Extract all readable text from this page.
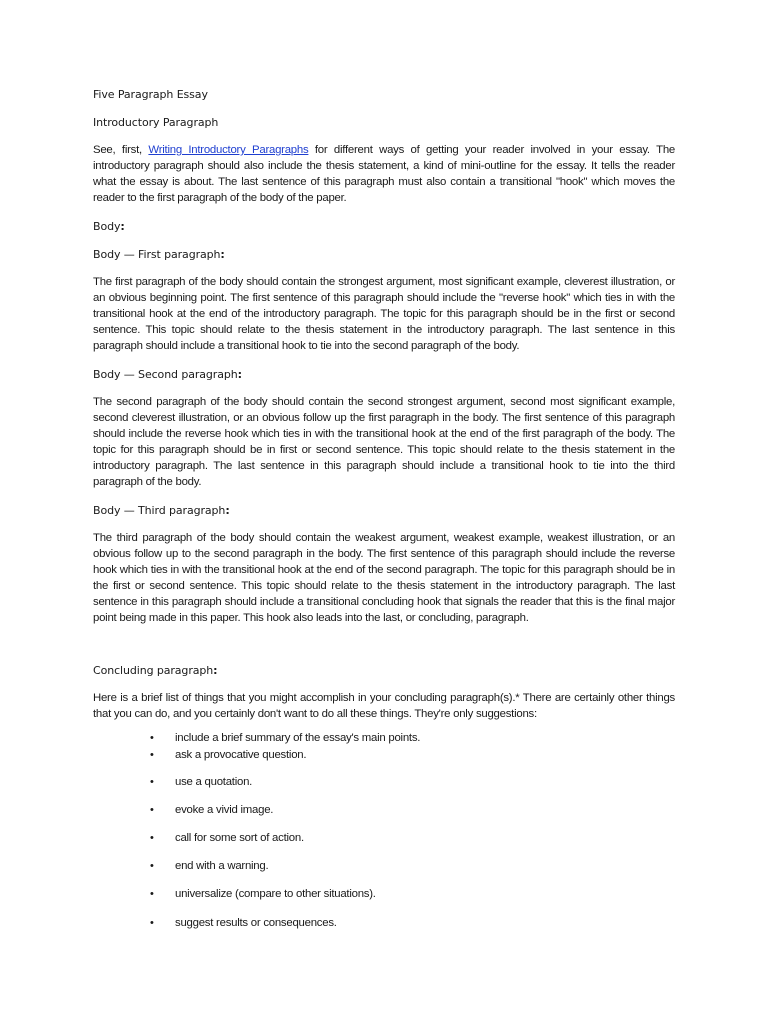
Five Paragraph Essay
Introductory Paragraph

See, first, Writing Introductory Paragraphs for different ways of getting your reader involved in your essay. The introductory paragraph should also include the thesis statement, a kind of mini-outline for the essay. It tells the reader what the essay is about. The last sentence of this paragraph must also contain a transitional "hook" which moves the reader to the first paragraph of the body of the paper.

Body:
Body — First paragraph:

The first paragraph of the body should contain the strongest argument, most significant example, cleverest illustration, or an obvious beginning point. The first sentence of this paragraph should include the "reverse hook" which ties in with the transitional hook at the end of the introductory paragraph. The topic for this paragraph should be in the first or second sentence. This topic should relate to the thesis statement in the introductory paragraph. The last sentence in this paragraph should include a transitional hook to tie into the second paragraph of the body.

Body — Second paragraph:

The second paragraph of the body should contain the second strongest argument, second most significant example, second cleverest illustration, or an obvious follow up the first paragraph in the body. The first sentence of this paragraph should include the reverse hook which ties in with the transitional hook at the end of the first paragraph of the body. The topic for this paragraph should be in first or second sentence. This topic should relate to the thesis statement in the introductory paragraph. The last sentence in this paragraph should include a transitional hook to tie into the third paragraph of the body.

Body — Third paragraph:

The third paragraph of the body should contain the weakest argument, weakest example, weakest illustration, or an obvious follow up to the second paragraph in the body. The first sentence of this paragraph should include the reverse hook which ties in with the transitional hook at the end of the second paragraph. The topic for this paragraph should be in the first or second sentence. This topic should relate to the thesis statement in the introductory paragraph. The last sentence in this paragraph should include a transitional concluding hook that signals the reader that this is the final major point being made in this paper. This hook also leads into the last, or concluding, paragraph.

Concluding paragraph:

Here is a brief list of things that you might accomplish in your concluding paragraph(s).* There are certainly other things that you can do, and you certainly don't want to do all these things. They're only suggestions:

• include a brief summary of the essay's main points.
• ask a provocative question.
• use a quotation.
• evoke a vivid image.
• call for some sort of action.
• end with a warning.
• universalize (compare to other situations).
• suggest results or consequences.
